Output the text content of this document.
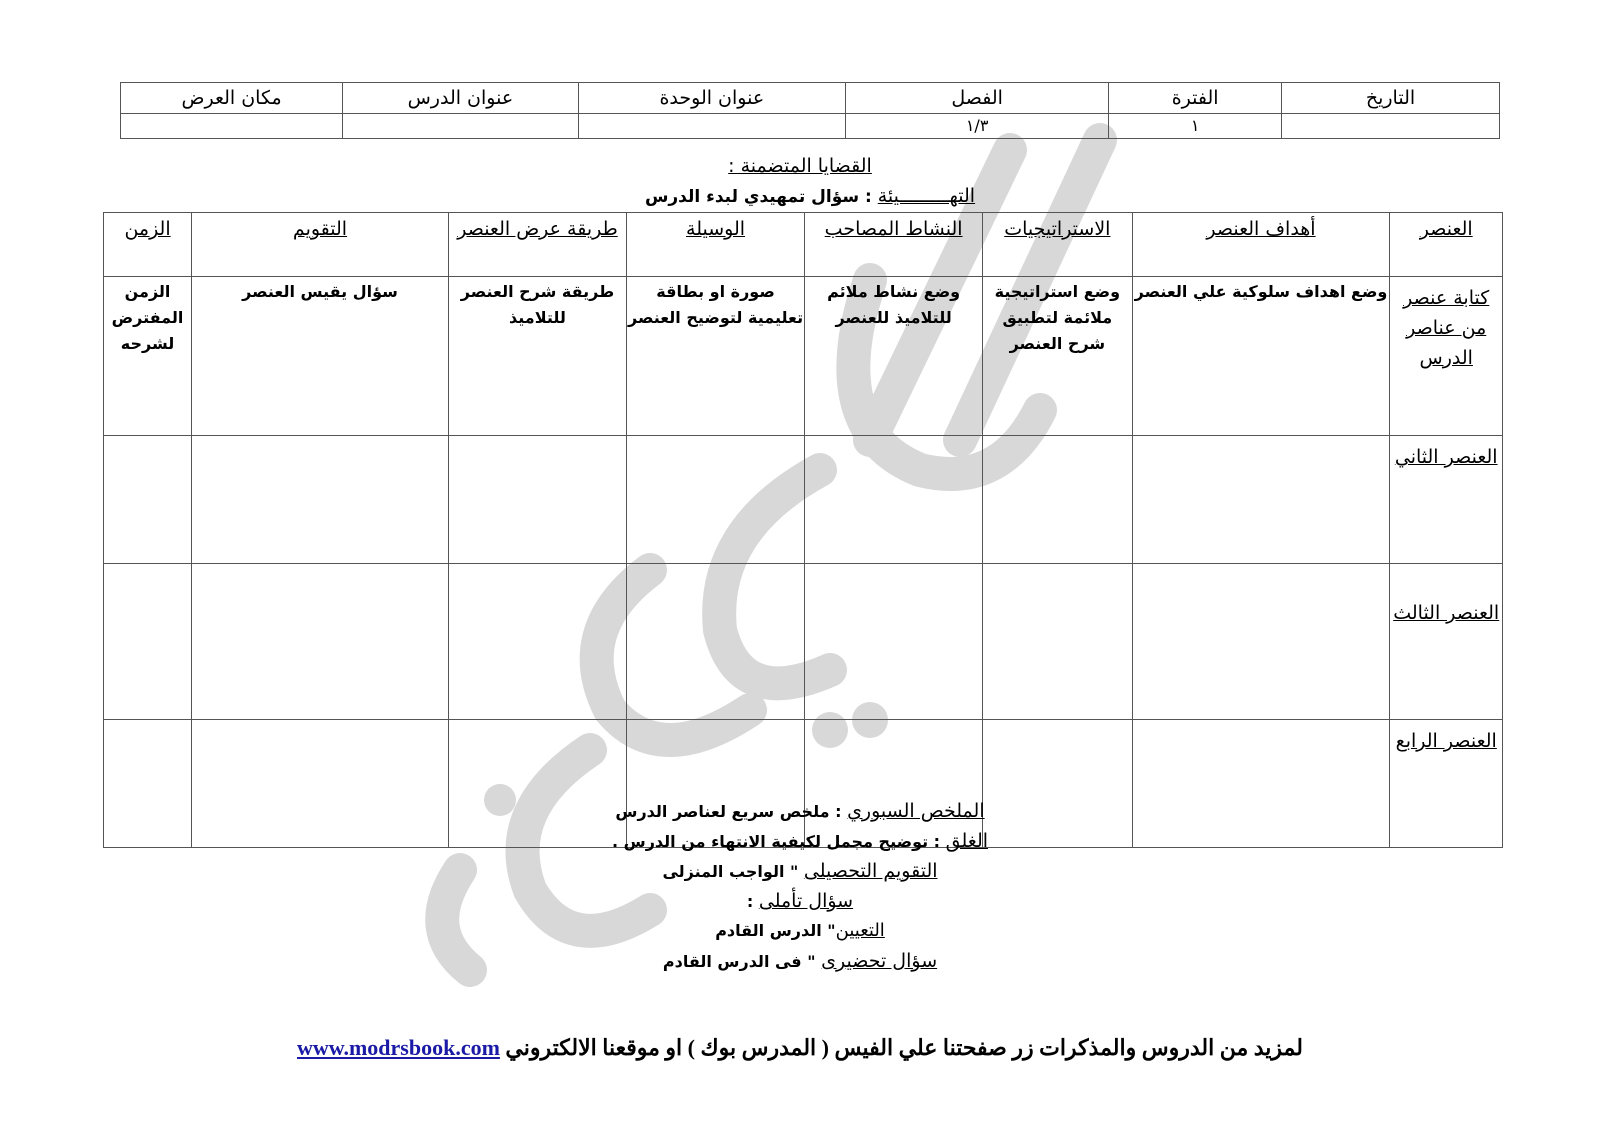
التاريخ	الفترة	الفصل	عنوان الوحدة	عنوان الدرس	مكان العرض
	١	١/٣			
القضايا المتضمنة :
التهـــــــــيئة : سؤال تمهيدي لبدء الدرس
العنصر	أهداف العنصر	الاستراتيجيات	النشاط المصاحب	الوسيلة	طريقة عرض العنصر	التقويم	الزمن
كتابة عنصر من عناصر الدرس	وضع اهداف سلوكية علي العنصر	وضع استراتيجية ملائمة لتطبيق شرح العنصر	وضع نشاط ملائم للتلاميذ للعنصر	صورة او بطاقة تعليمية لتوضيح العنصر	طريقة شرح العنصر للتلاميذ	سؤال يقيس العنصر	الزمن المفترض لشرحه
العنصر الثاني							
العنصر الثالث							
العنصر الرابع							
الملخص السبوري : ملخص سريع لعناصر الدرس
الغلق : توضيح مجمل لكيفية الانتهاء من الدرس .
التقويم التحصيلى " الواجب المنزلى
سؤال تأملى :
التعيين" الدرس القادم
سؤال تحضيرى " فى الدرس القادم
لمزيد من الدروس والمذكرات زر صفحتنا علي الفيس ( المدرس بوك ) او موقعنا الالكتروني www.modrsbook.com
